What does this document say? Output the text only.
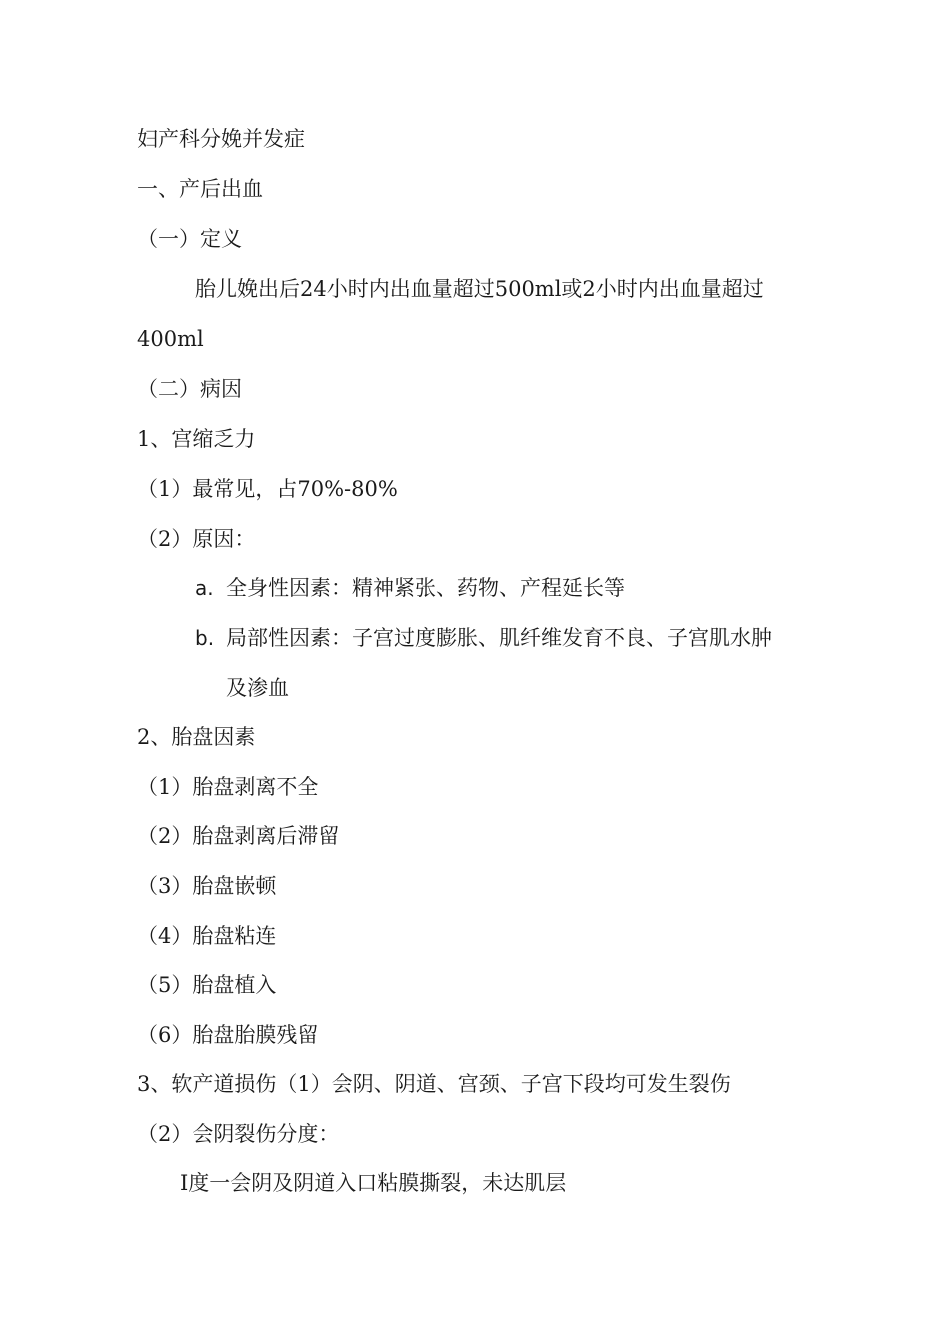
妇产科分娩并发症
一、产后出血
（一）定义
胎儿娩出后24小时内出血量超过500ml或2小时内出血量超过
400ml
（二）病因
1、宫缩乏力
（1）最常见，占70%-80%
（2）原因：
a. 全身性因素：精神紧张、药物、产程延长等
b. 局部性因素：子宫过度膨胀、肌纤维发育不良、子宫肌水肿
及渗血
2、胎盘因素
（1）胎盘剥离不全
（2）胎盘剥离后滞留
（3）胎盘嵌顿
（4）胎盘粘连
（5）胎盘植入
（6）胎盘胎膜残留
3、软产道损伤（1）会阴、阴道、宫颈、子宫下段均可发生裂伤
（2）会阴裂伤分度：
Ⅰ度一会阴及阴道入口粘膜撕裂，未达肌层
